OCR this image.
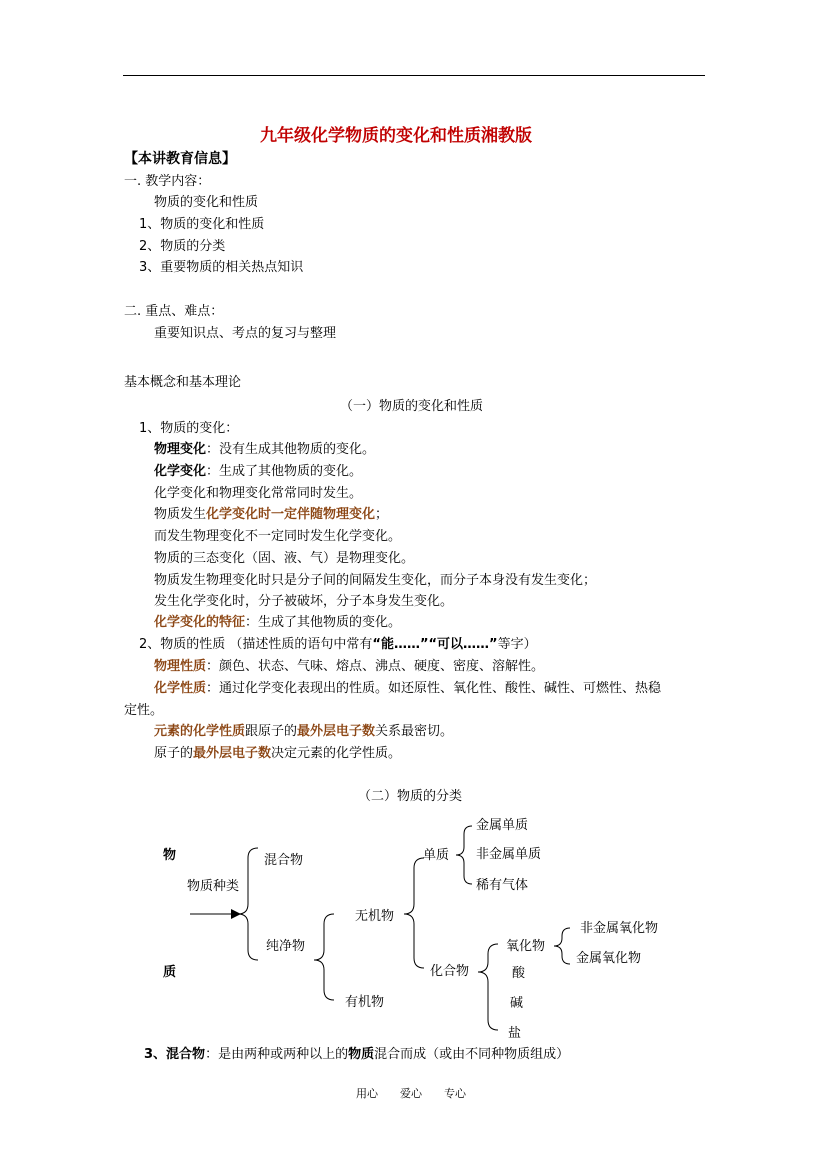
九年级化学物质的变化和性质湘教版
【本讲教育信息】
一. 教学内容：
物质的变化和性质
1、物质的变化和性质
2、物质的分类
3、重要物质的相关热点知识
二. 重点、难点：
重要知识点、考点的复习与整理
基本概念和基本理论
（一）物质的变化和性质
1、物质的变化：
物理变化：没有生成其他物质的变化。
化学变化：生成了其他物质的变化。
化学变化和物理变化常常同时发生。
物质发生化学变化时一定伴随物理变化；
而发生物理变化不一定同时发生化学变化。
物质的三态变化（固、液、气）是物理变化。
物质发生物理变化时只是分子间的间隔发生变化，而分子本身没有发生变化；
发生化学变化时，分子被破坏，分子本身发生变化。
化学变化的特征：生成了其他物质的变化。
2、物质的性质 （描述性质的语句中常有“能……”“可以……”等字）
物理性质：颜色、状态、气味、熔点、沸点、硬度、密度、溶解性。
化学性质：通过化学变化表现出的性质。如还原性、氧化性、酸性、碱性、可燃性、热稳
定性。
元素的化学性质跟原子的最外层电子数关系最密切。
原子的最外层电子数决定元素的化学性质。
（二）物质的分类
物
质
物质种类
混合物
纯净物
无机物
有机物
单质
化合物
金属单质
非金属单质
稀有气体
氧化物
酸
碱
盐
非金属氧化物
金属氧化物
3、混合物：是由两种或两种以上的物质混合而成（或由不同种物质组成）
用心　　爱心　　专心
